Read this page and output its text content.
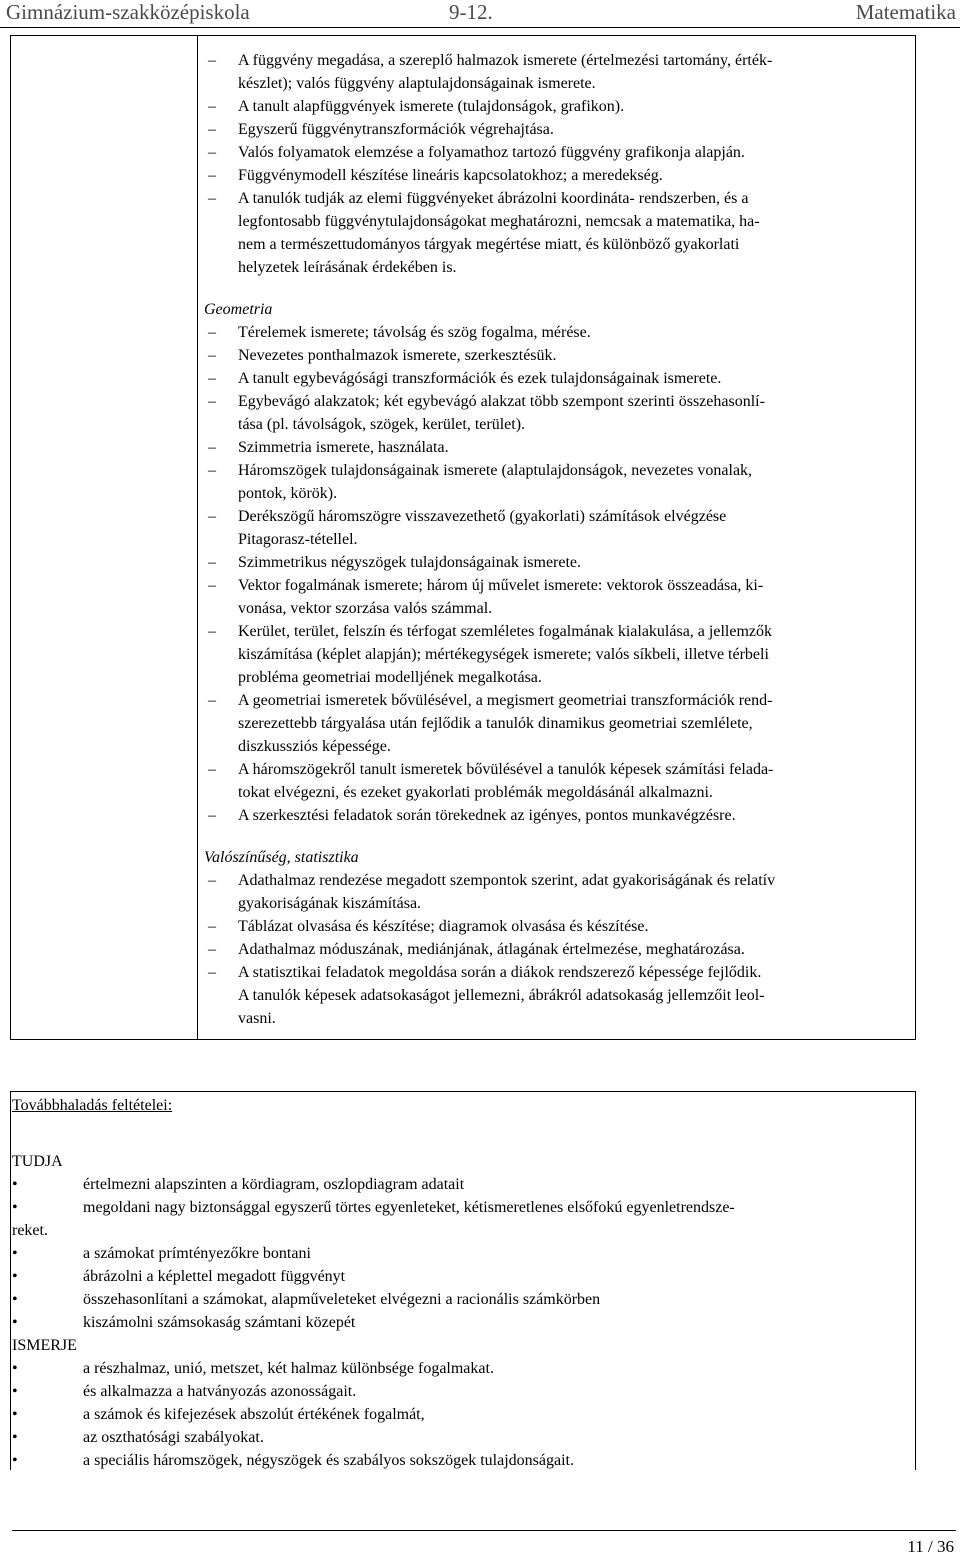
Gimnázium-szakközépiskola	9-12.	Matematika
– A függvény megadása, a szereplő halmazok ismerete (értelmezési tartomány, érték-
készlet); valós függvény alaptulajdonságainak ismerete.
– A tanult alapfüggvények ismerete (tulajdonságok, grafikon).
– Egyszerű függvénytranszformációk végrehajtása.
– Valós folyamatok elemzése a folyamathoz tartozó függvény grafikonja alapján.
– Függvénymodell készítése lineáris kapcsolatokhoz; a meredekség.
– A tanulók tudják az elemi függvényeket ábrázolni koordináta- rendszerben, és a
legfontosabb függvénytulajdonságokat meghatározni, nemcsak a matematika, ha-
nem a természettudományos tárgyak megértése miatt, és különböző gyakorlati
helyzetek leírásának érdekében is.
Geometria
– Térelemek ismerete; távolság és szög fogalma, mérése.
– Nevezetes ponthalmazok ismerete, szerkesztésük.
– A tanult egybevágósági transzformációk és ezek tulajdonságainak ismerete.
– Egybevágó alakzatok; két egybevágó alakzat több szempont szerinti összehasonlí-
tása (pl. távolságok, szögek, kerület, terület).
– Szimmetria ismerete, használata.
– Háromszögek tulajdonságainak ismerete (alaptulajdonságok, nevezetes vonalak,
pontok, körök).
– Derékszögű háromszögre visszavezethető (gyakorlati) számítások elvégzése
Pitagorasz-tétellel.
– Szimmetrikus négyszögek tulajdonságainak ismerete.
– Vektor fogalmának ismerete; három új művelet ismerete: vektorok összeadása, ki-
vonása, vektor szorzása valós számmal.
– Kerület, terület, felszín és térfogat szemléletes fogalmának kialakulása, a jellemzők
kiszámítása (képlet alapján); mértékegységek ismerete; valós síkbeli, illetve térbeli
probléma geometriai modelljének megalkotása.
– A geometriai ismeretek bővülésével, a megismert geometriai transzformációk rend-
szerezettebb tárgyalása után fejlődik a tanulók dinamikus geometriai szemlélete,
diszkussziós képessége.
– A háromszögekről tanult ismeretek bővülésével a tanulók képesek számítási felada-
tokat elvégezni, és ezeket gyakorlati problémák megoldásánál alkalmazni.
– A szerkesztési feladatok során törekednek az igényes, pontos munkavégzésre.
Valószínűség, statisztika
– Adathalmaz rendezése megadott szempontok szerint, adat gyakoriságának és relatív
gyakoriságának kiszámítása.
– Táblázat olvasása és készítése; diagramok olvasása és készítése.
– Adathalmaz móduszának, mediánjának, átlagának értelmezése, meghatározása.
– A statisztikai feladatok megoldása során a diákok rendszerező képessége fejlődik.
A tanulók képesek adatsokaságot jellemezni, ábrákról adatsokaság jellemzőit leol-
vasni.
Továbbhaladás feltételei:
TUDJA
•	értelmezni alapszinten a kördiagram, oszlopdiagram adatait
•	megoldani nagy biztonsággal egyszerű törtes egyenleteket, kétismeretlenes elsőfokú egyenletrendsze-
reket.
•	a számokat prímtényezőkre bontani
•	ábrázolni a képlettel megadott függvényt
•	összehasonlítani a számokat, alapműveleteket elvégezni a racionális számkörben
•	kiszámolni számsokaság számtani közepét
ISMERJE
•	a részhalmaz, unió, metszet, két halmaz különbsége fogalmakat.
•	és alkalmazza a hatványozás azonosságait.
•	a számok és kifejezések abszolút értékének fogalmát,
•	az oszthatósági szabályokat.
•	a speciális háromszögek, négyszögek és szabályos sokszögek tulajdonságait.
11 / 36
